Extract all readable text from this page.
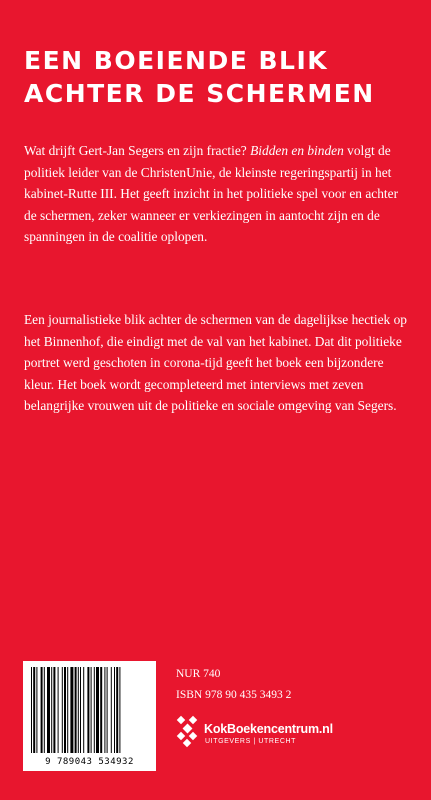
EEN BOEIENDE BLIK
ACHTER DE SCHERMEN
Wat drijft Gert-Jan Segers en zijn fractie? Bidden en binden volgt de politiek leider van de ChristenUnie, de kleinste regeringspartij in het kabinet-Rutte III. Het geeft inzicht in het politieke spel voor en achter de schermen, zeker wanneer er verkiezingen in aantocht zijn en de spanningen in de coalitie oplopen.
Een journalistieke blik achter de schermen van de dagelijkse hectiek op het Binnenhof, die eindigt met de val van het kabinet. Dat dit politieke portret werd geschoten in corona-tijd geeft het boek een bijzondere kleur. Het boek wordt gecompleteerd met interviews met zeven belangrijke vrouwen uit de politieke en sociale omgeving van Segers.
9 789043 534932
NUR 740
ISBN 978 90 435 3493 2
KokBoekencentrum.nl
UITGEVERS | UTRECHT
